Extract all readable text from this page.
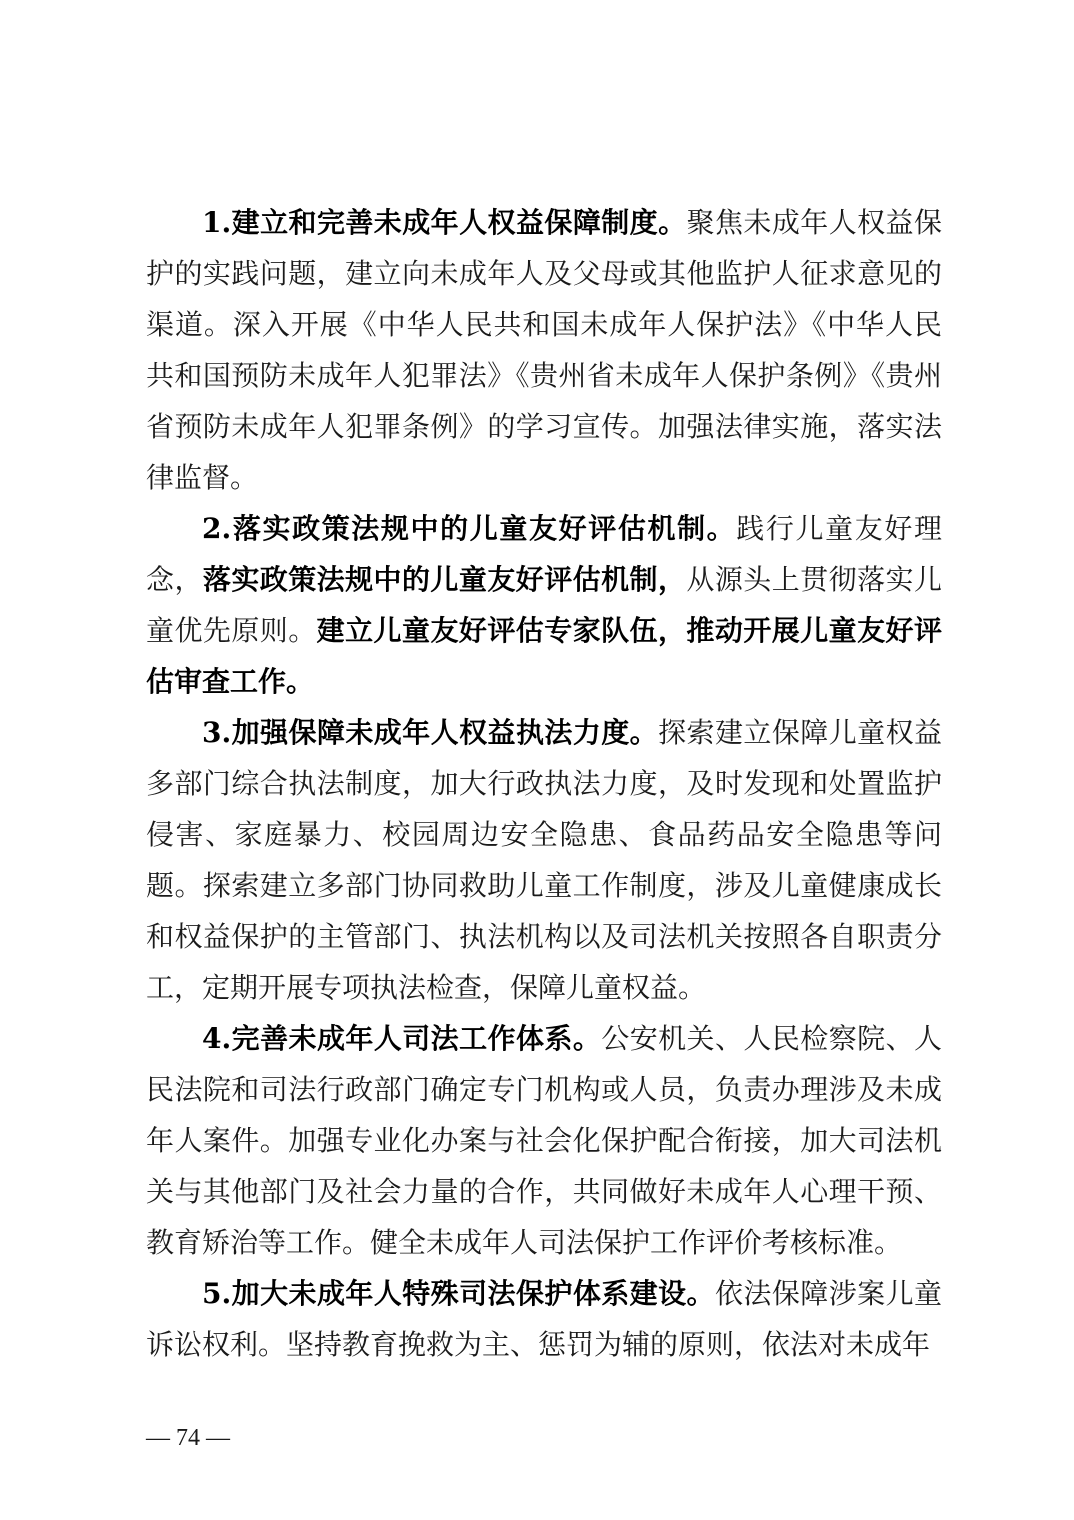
1.建立和完善未成年人权益保障制度。聚焦未成年人权益保护的实践问题，建立向未成年人及父母或其他监护人征求意见的渠道。深入开展《中华人民共和国未成年人保护法》《中华人民共和国预防未成年人犯罪法》《贵州省未成年人保护条例》《贵州省预防未成年人犯罪条例》的学习宣传。加强法律实施，落实法律监督。

2.落实政策法规中的儿童友好评估机制。践行儿童友好理念，落实政策法规中的儿童友好评估机制，从源头上贯彻落实儿童优先原则。建立儿童友好评估专家队伍，推动开展儿童友好评估审查工作。

3.加强保障未成年人权益执法力度。探索建立保障儿童权益多部门综合执法制度，加大行政执法力度，及时发现和处置监护侵害、家庭暴力、校园周边安全隐患、食品药品安全隐患等问题。探索建立多部门协同救助儿童工作制度，涉及儿童健康成长和权益保护的主管部门、执法机构以及司法机关按照各自职责分工，定期开展专项执法检查，保障儿童权益。

4.完善未成年人司法工作体系。公安机关、人民检察院、人民法院和司法行政部门确定专门机构或人员，负责办理涉及未成年人案件。加强专业化办案与社会化保护配合衔接，加大司法机关与其他部门及社会力量的合作，共同做好未成年人心理干预、教育矫治等工作。健全未成年人司法保护工作评价考核标准。

5.加大未成年人特殊司法保护体系建设。依法保障涉案儿童诉讼权利。坚持教育挽救为主、惩罚为辅的原则，依法对未成年

— 74 —
